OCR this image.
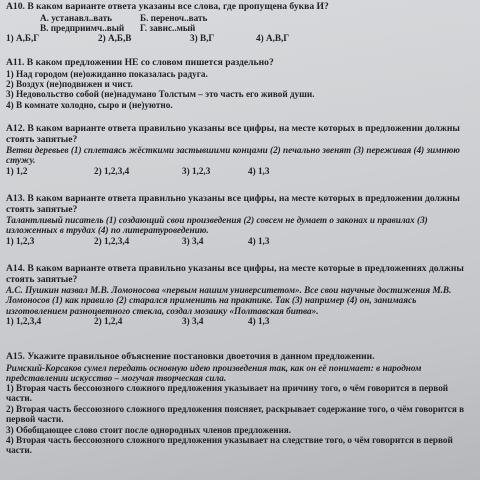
A10. В каком варианте ответа указаны все слова, где пропущена буква И?

А. устанавл..вать	Б. переноч..вать
В. предприимч..вый	Г. завис..мый
1) А,Б,Г	2) А,Б,В	3) В,Г	4) А,В,Г

A11. В каком предложении НЕ со словом пишется раздельно?

1) Над городом (не)ожиданно показалась радуга.

2) Воздух (не)подвижен и чист.

3) Недовольство собой (не)надумано Толстым – это часть его живой души.

4) В комнате холодно, сыро и (не)уютно.

A12. В каком варианте ответа правильно указаны все цифры, на месте которых в предложении должны стоять запятые?

Ветви деревьев (1) сплетаясь жёсткими застывшими концами (2) печально звенят (3) переживая (4) зимнюю стужу.

1) 1,2	2) 1,2,3,4	3) 1,2,3	4) 1,3

A13. В каком варианте ответа правильно указаны все цифры, на месте которых в предложении должны стоять запятые?

Талантливый писатель (1) создающий свои произведения (2) совсем не думает о законах и правилах (3) изложенных в трудах (4) по литературоведению.

1) 1,2,3	2) 1,2,3,4	3) 3,4	4) 1,3

A14. В каком варианте ответа правильно указаны все цифры, на месте которые в предложениях должны стоять запятые?

А.С. Пушкин назвал М.В. Ломоносова «первым нашим университетом». Все свои научные достижения М.В. Ломоносов (1) как правило (2) старался применить на практике. Так (3) например (4) он, занимаясь изготовлением разноцветного стекла, создал мозаику «Полтавская битва».

1) 1,2,3,4	2) 1,2,4	3) 3,4	4) 1,3

A15. Укажите правильное объяснение постановки двоеточия в данном предложении.

Римский-Корсаков сумел передать основную идею произведения так, как он её понимает: в народном представлении искусство – могучая творческая сила.

1) Вторая часть бессоюзного сложного предложения указывает на причину того, о чём говорится в первой части.

2) Вторая часть бессоюзного сложного предложения поясняет, раскрывает содержание того, о чём говорится в первой части.

3) Обобщающее слово стоит после однородных членов предложения.

4) Вторая часть бессоюзного сложного предложения указывает на следствие того, о чём говорится в первой части.
